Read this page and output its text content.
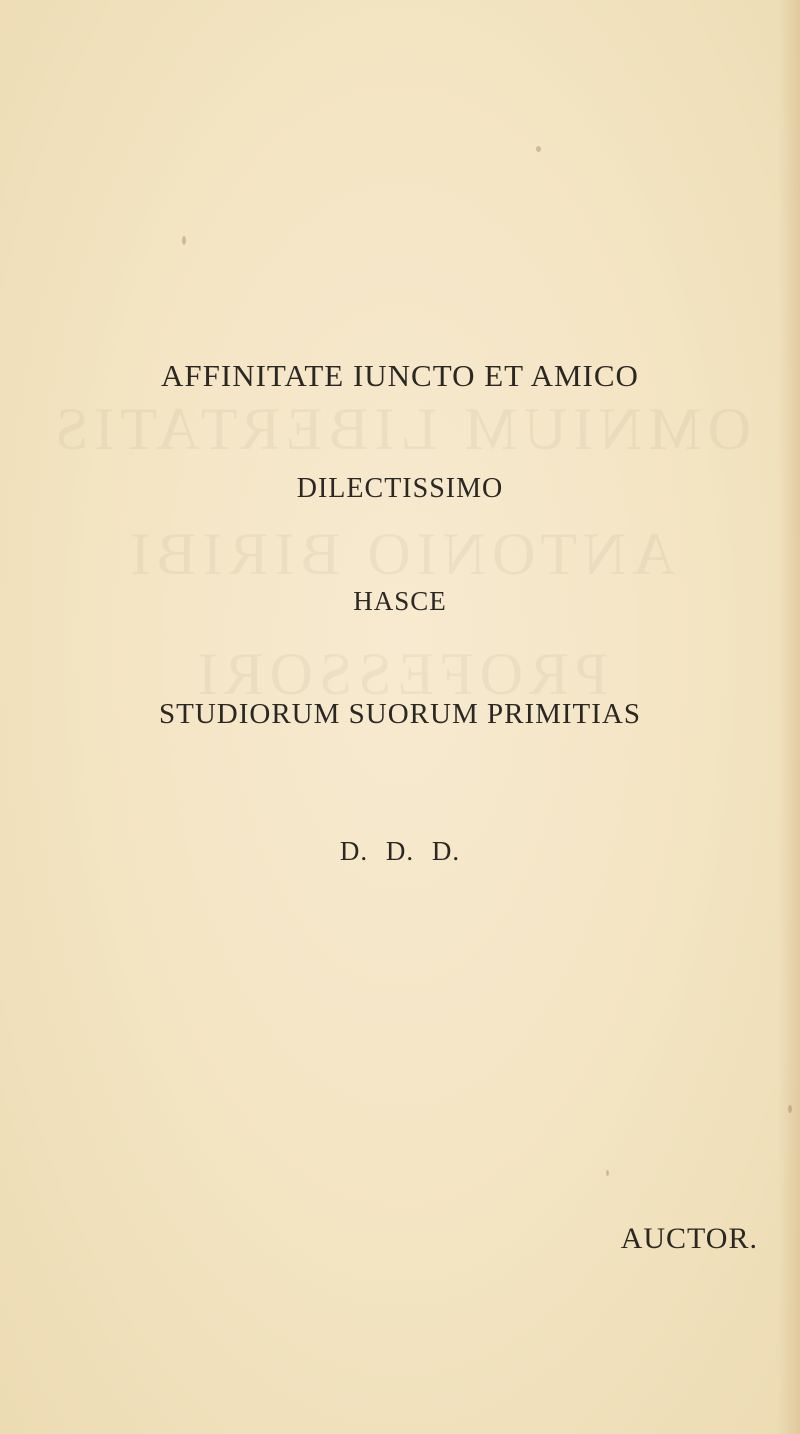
OMNIUM LIBERTATIS
ANTONIO BIRIBI
PROFESSORI
AFFINITATE IUNCTO ET AMICO
DILECTISSIMO
HASCE
STUDIORUM SUORUM PRIMITIAS
D. D. D.
AUCTOR.
